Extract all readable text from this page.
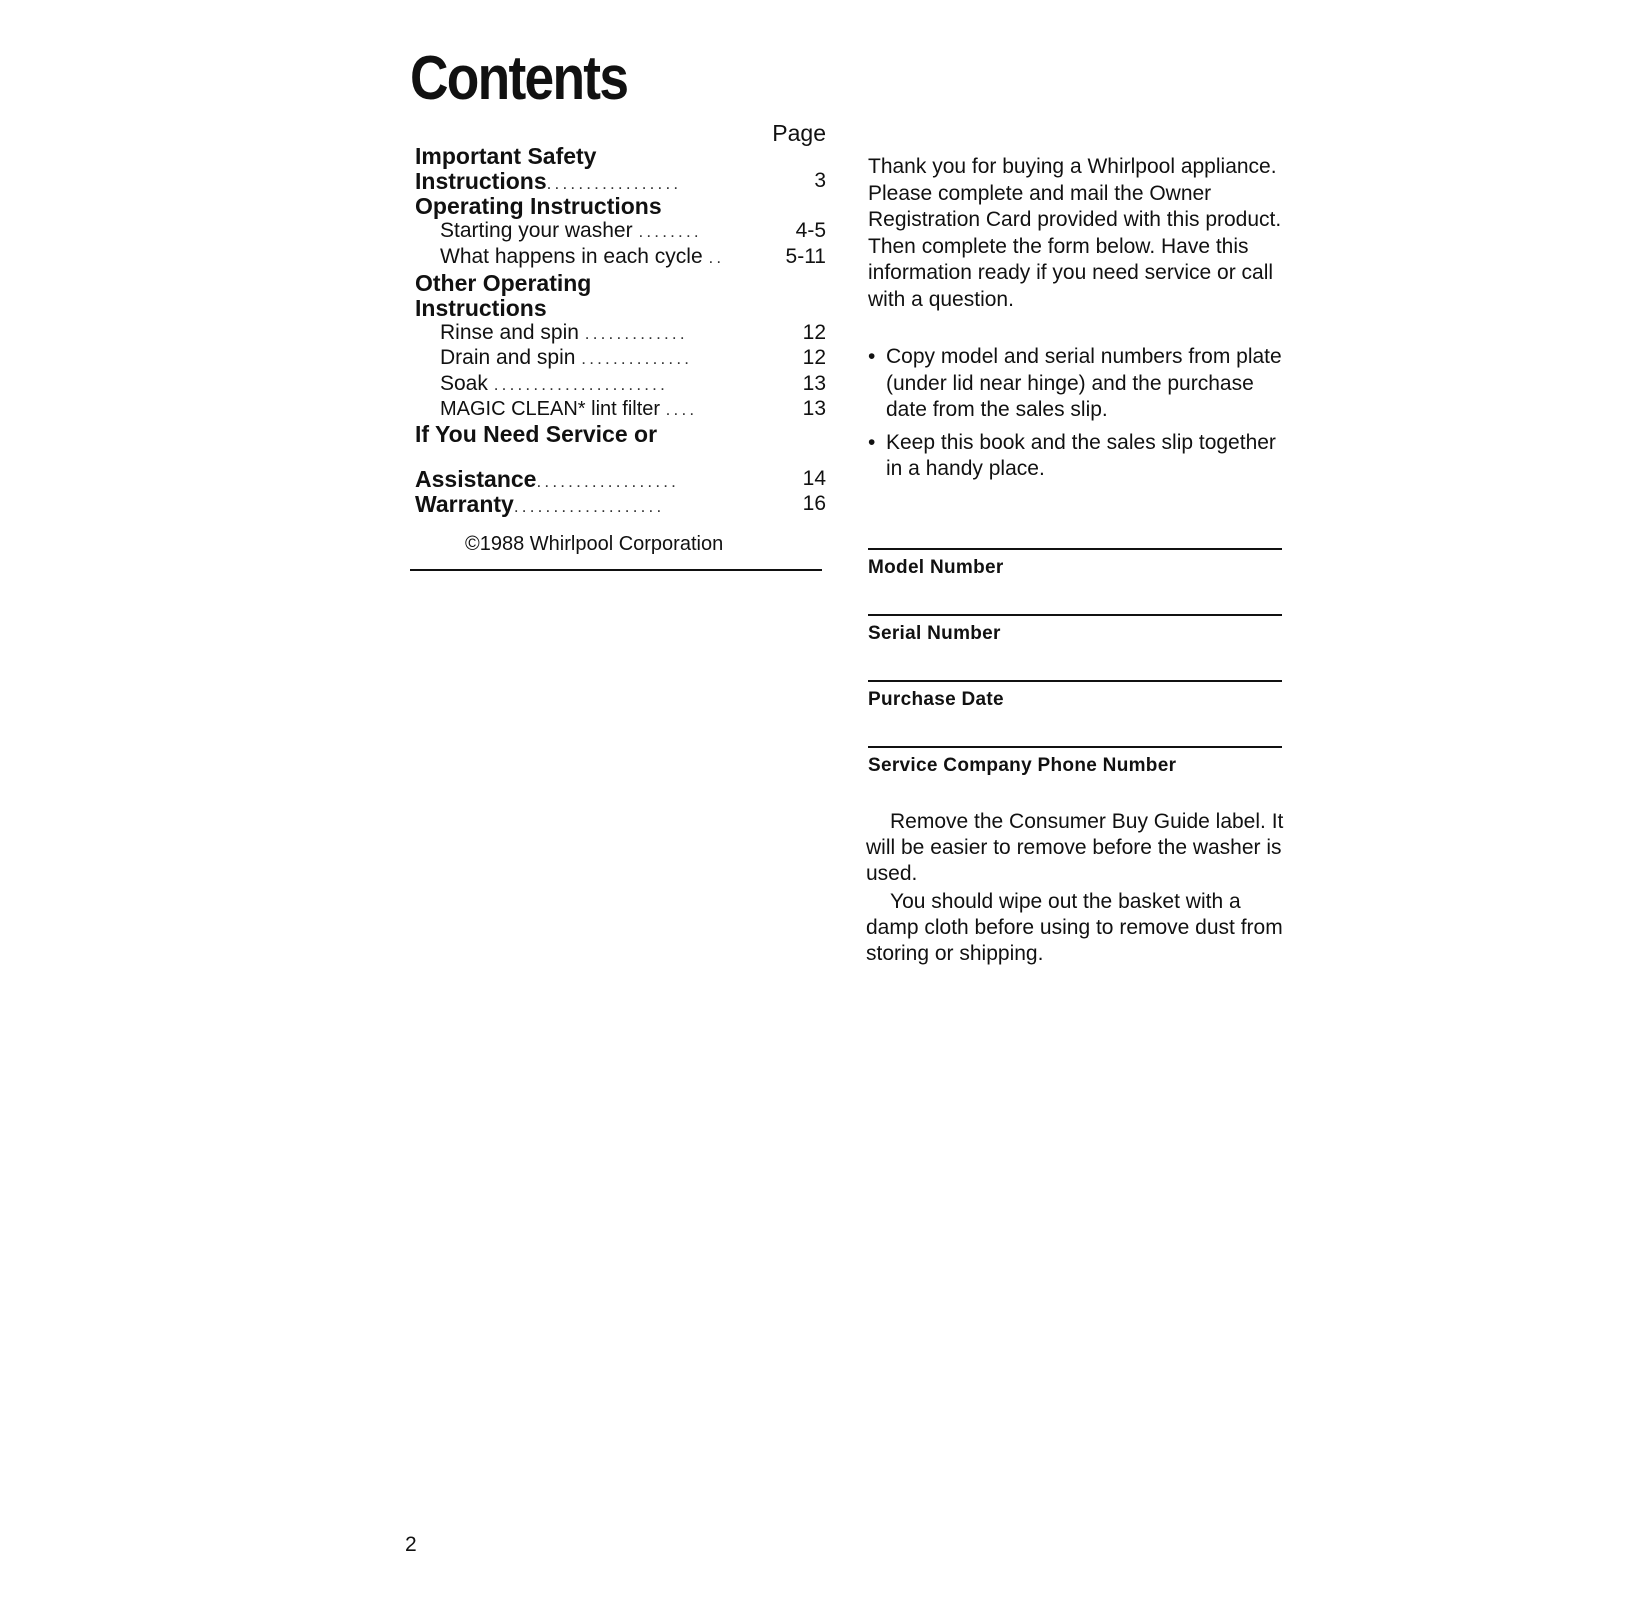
Contents
Page
Important Safety
Instructions.................	3
Operating Instructions
Starting your washer ........	4-5
What happens in each cycle ..	5-11
Other Operating
Instructions
Rinse and spin .............	12
Drain and spin ..............	12
Soak ......................	13
MAGIC CLEAN* lint filter ....	13
If You Need Service or
Assistance..................	14
Warranty...................	16
©1988 Whirlpool Corporation

Thank you for buying a Whirlpool appliance. Please complete and mail the Owner Registration Card provided with this product. Then complete the form below. Have this information ready if you need service or call with a question.

• Copy model and serial numbers from plate (under lid near hinge) and the purchase date from the sales slip.
• Keep this book and the sales slip together in a handy place.
Model Number
Serial Number
Purchase Date
Service Company Phone Number

Remove the Consumer Buy Guide label. It will be easier to remove before the washer is used.

You should wipe out the basket with a damp cloth before using to remove dust from storing or shipping.

2
